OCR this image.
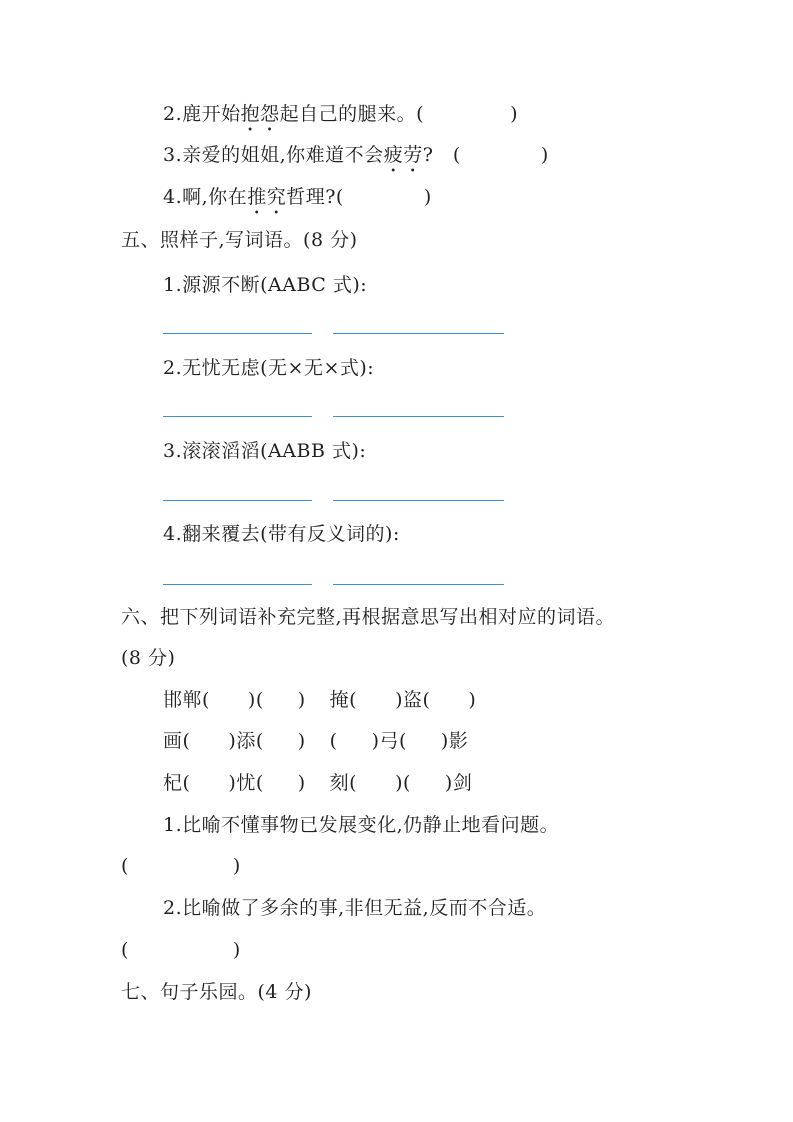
2.鹿开始抱怨起自己的腿来。(	)
3.亲爱的姐姐,你难道不会疲劳?　(	)
4.啊,你在推究哲理?(	)
五、照样子,写词语。(8 分)
1.源源不断(AABC 式):
2.无忧无虑(无×无×式):
3.滚滚滔滔(AABB 式):
4.翻来覆去(带有反义词的):
六、把下列词语补充完整,再根据意思写出相对应的词语。
(8 分)
邯郸( )( ) 掩( )盗( )
画( )添( ) ( )弓( )影
杞( )忧( ) 刻( )( )剑
1.比喻不懂事物已发展变化,仍静止地看问题。
(	)
2.比喻做了多余的事,非但无益,反而不合适。
(	)
七、句子乐园。(4 分)
